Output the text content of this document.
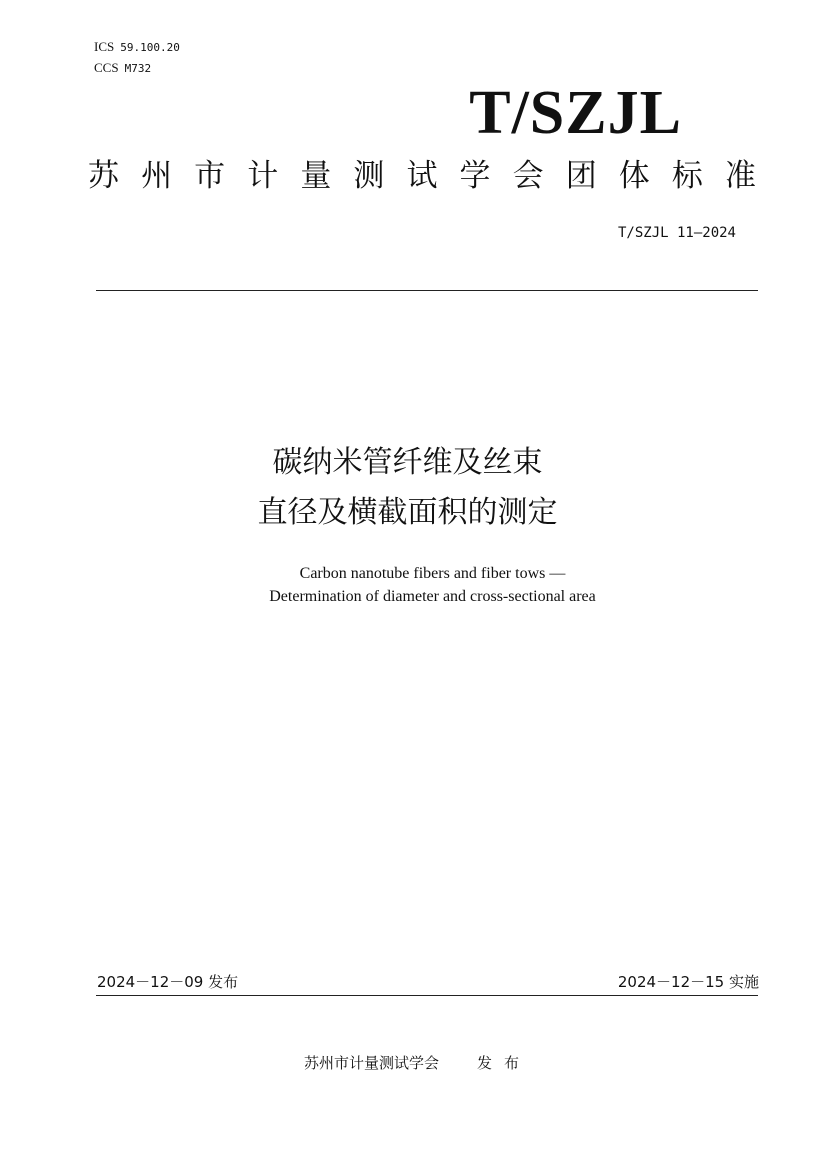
ICS 59.100.20
CCS M732
T/SZJL
苏 州 市 计 量 测 试 学 会 团 体 标 准
T/SZJL 11—2024
碳纳米管纤维及丝束
直径及横截面积的测定
Carbon nanotube fibers and fiber tows —
Determination of diameter and cross-sectional area
2024－12－09 发布	2024－12－15 实施
苏州市计量测试学会	发布
